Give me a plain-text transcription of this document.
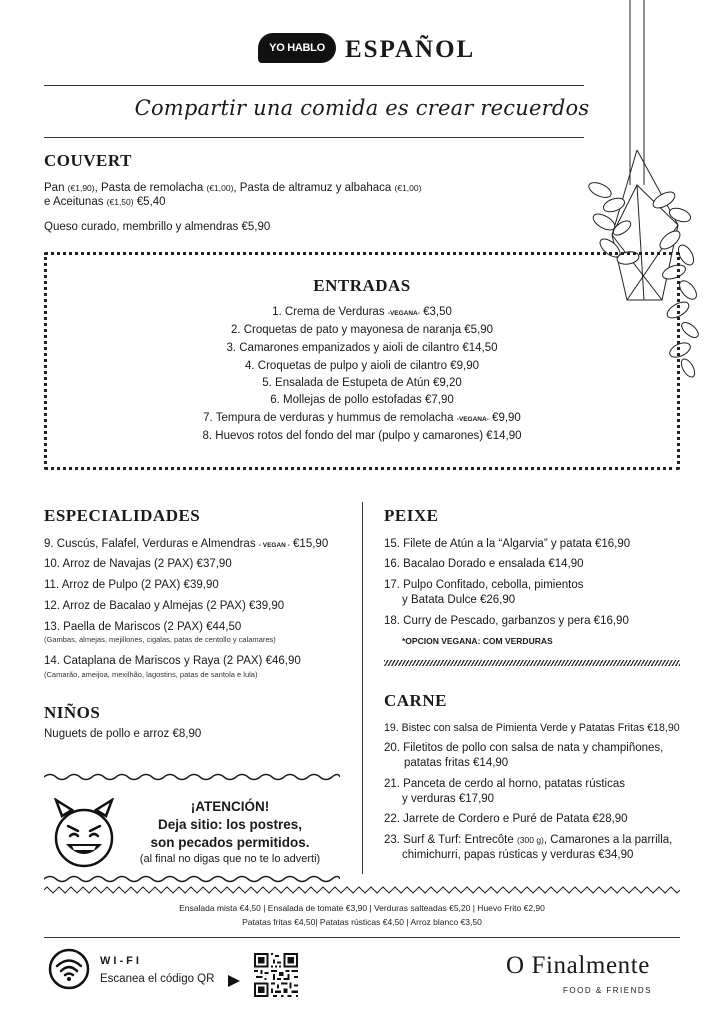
YO HABLO ESPAÑOL
Compartir una comida es crear recuerdos
COUVERT
Pan (€1,90), Pasta de remolacha (€1,00), Pasta de altramuz y albahaca (€1,00)
e Aceitunas (€1,50) €5,40
Queso curado, membrillo y almendras €5,90
ENTRADAS
1. Crema de Verduras -VEGANA- €3,50
2. Croquetas de pato y mayonesa de naranja €5,90
3. Camarones empanizados y aioli de cilantro €14,50
4. Croquetas de pulpo y aioli de cilantro €9,90
5. Ensalada de Estupeta de Atún €9,20
6. Mollejas de pollo estofadas €7,90
7. Tempura de verduras y hummus de remolacha -VEGANA- €9,90
8. Huevos rotos del fondo del mar (pulpo y camarones) €14,90
ESPECIALIDADES
9. Cuscús, Falafel, Verduras e Almendras - VEGAN - €15,90
10. Arroz de Navajas (2 PAX) €37,90
11. Arroz de Pulpo (2 PAX) €39,90
12. Arroz de Bacalao y Almejas (2 PAX) €39,90
13. Paella de Mariscos (2 PAX) €44,50
(Gambas, almejas, mejillones, cigalas, patas de centollo y calamares)
14. Cataplana de Mariscos y Raya (2 PAX) €46,90
(Camarão, ameijoa, mexilhão, lagostins, patas de santola e lula)
NIÑOS
Nuguets de pollo e arroz €8,90
¡ATENCIÓN!
Deja sitio: los postres,
son pecados permitidos.
(al final no digas que no te lo adverti)
PEIXE
15. Filete de Atún a la “Algarvia” y patata €16,90
16. Bacalao Dorado e ensalada €14,90
17. Pulpo Confitado, cebolla, pimientos
y Batata Dulce €26,90
18. Curry de Pescado, garbanzos y pera €16,90
*OPCION VEGANA: COM VERDURAS
CARNE
19. Bistec con salsa de Pimienta Verde y Patatas Fritas €18,90
20. Filetitos de pollo con salsa de nata y champiñones,
patatas fritas €14,90
21. Panceta de cerdo al horno, patatas rústicas
y verduras €17,90
22. Jarrete de Cordero e Puré de Patata €28,90
23. Surf & Turf: Entrecôte (300 g), Camarones a la parrilla,
chimichurri, papas rústicas y verduras €34,90
Ensalada mista €4,50 | Ensalada de tomate €3,90 | Verduras salteadas €5,20 | Huevo Frito €2,90
Patatas fritas €4,50| Patatas rústicas €4,50 | Arroz blanco €3,50
WI-FI
Escanea el código QR	O Finalmente
FOOD & FRIENDS
